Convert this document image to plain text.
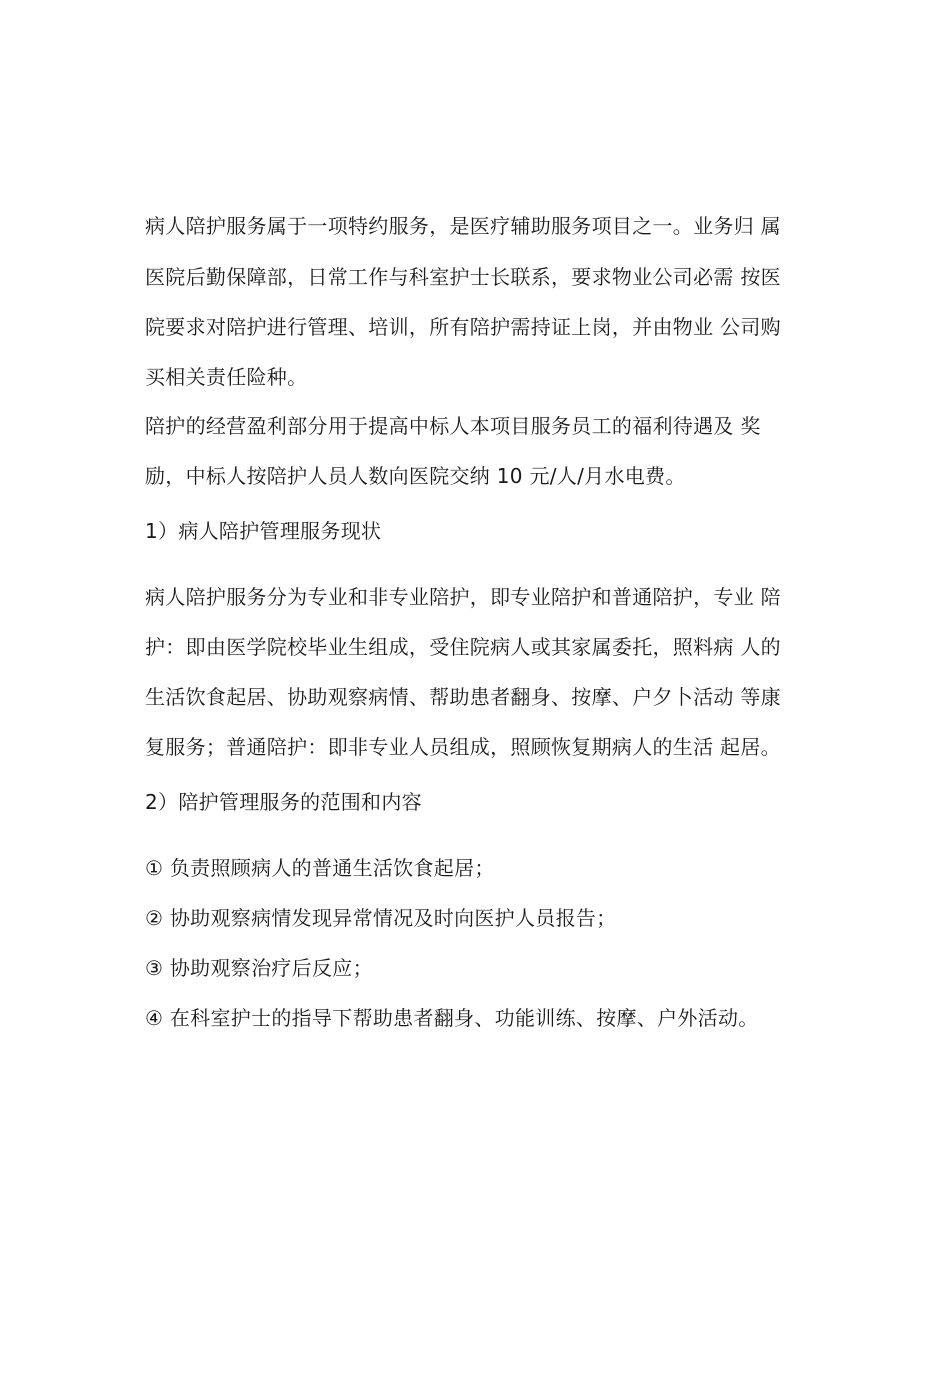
病人陪护服务属于一项特约服务，是医疗辅助服务项目之一。业务归 属
医院后勤保障部，日常工作与科室护士长联系，要求物业公司必需 按医
院要求对陪护进行管理、培训，所有陪护需持证上岗，并由物业 公司购
买相关责任险种。
陪护的经营盈利部分用于提高中标人本项目服务员工的福利待遇及 奖
励，中标人按陪护人员人数向医院交纳 10 元/人/月水电费。
1）病人陪护管理服务现状
病人陪护服务分为专业和非专业陪护，即专业陪护和普通陪护，专业 陪
护：即由医学院校毕业生组成，受住院病人或其家属委托，照料病 人的
生活饮食起居、协助观察病情、帮助患者翻身、按摩、户夕卜活动 等康
复服务；普通陪护：即非专业人员组成，照顾恢复期病人的生活 起居。
2）陪护管理服务的范围和内容
① 负责照顾病人的普通生活饮食起居；
② 协助观察病情发现异常情况及时向医护人员报告；
③ 协助观察治疗后反应；
④ 在科室护士的指导下帮助患者翻身、功能训练、按摩、户外活动。
